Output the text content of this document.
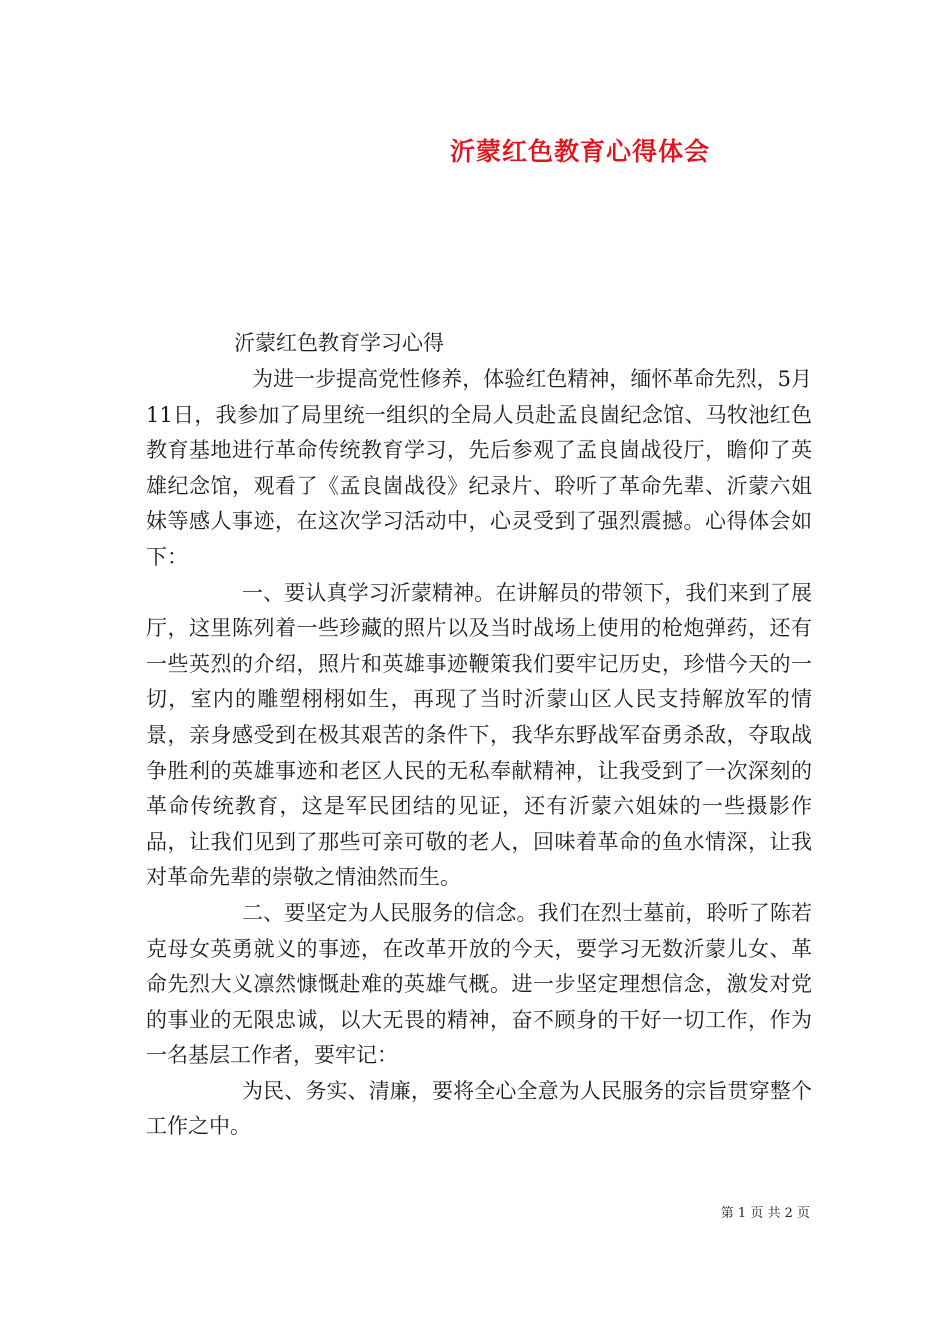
沂蒙红色教育心得体会
沂蒙红色教育学习心得

为进一步提高党性修养，体验红色精神，缅怀革命先烈，5月11日，我参加了局里统一组织的全局人员赴孟良崮纪念馆、马牧池红色教育基地进行革命传统教育学习，先后参观了孟良崮战役厅，瞻仰了英雄纪念馆，观看了《孟良崮战役》纪录片、聆听了革命先辈、沂蒙六姐妹等感人事迹，在这次学习活动中，心灵受到了强烈震撼。心得体会如下：

一、要认真学习沂蒙精神。在讲解员的带领下，我们来到了展厅，这里陈列着一些珍藏的照片以及当时战场上使用的枪炮弹药，还有一些英烈的介绍，照片和英雄事迹鞭策我们要牢记历史，珍惜今天的一切，室内的雕塑栩栩如生，再现了当时沂蒙山区人民支持解放军的情景，亲身感受到在极其艰苦的条件下，我华东野战军奋勇杀敌，夺取战争胜利的英雄事迹和老区人民的无私奉献精神，让我受到了一次深刻的革命传统教育，这是军民团结的见证，还有沂蒙六姐妹的一些摄影作品，让我们见到了那些可亲可敬的老人，回味着革命的鱼水情深，让我对革命先辈的崇敬之情油然而生。

二、要坚定为人民服务的信念。我们在烈士墓前，聆听了陈若克母女英勇就义的事迹，在改革开放的今天，要学习无数沂蒙儿女、革命先烈大义凛然慷慨赴难的英雄气概。进一步坚定理想信念，激发对党的事业的无限忠诚，以大无畏的精神，奋不顾身的干好一切工作，作为一名基层工作者，要牢记：

为民、务实、清廉，要将全心全意为人民服务的宗旨贯穿整个工作之中。

第 1 页 共 2 页
